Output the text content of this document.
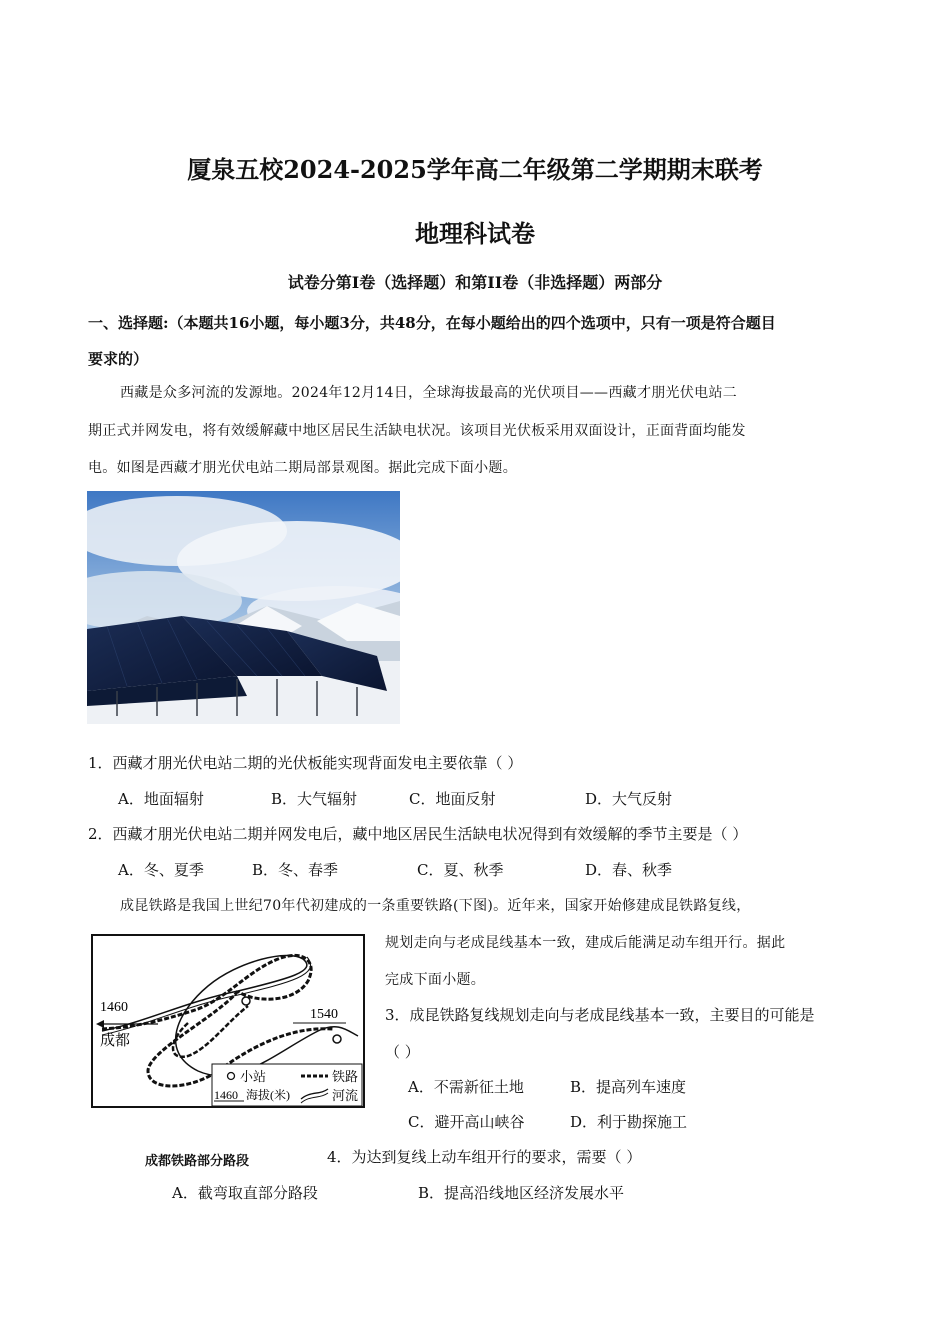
厦泉五校2024-2025学年高二年级第二学期期末联考
地理科试卷
试卷分第Ⅰ卷（选择题）和第II卷（非选择题）两部分
一、选择题:（本题共16小题，每小题3分，共48分，在每小题给出的四个选项中，只有一项是符合题目
要求的）
西藏是众多河流的发源地。2024年12月14日，全球海拔最高的光伏项目——西藏才朋光伏电站二
期正式并网发电，将有效缓解藏中地区居民生活缺电状况。该项目光伏板采用双面设计，正面背面均能发
电。如图是西藏才朋光伏电站二期局部景观图。据此完成下面小题。
1．西藏才朋光伏电站二期的光伏板能实现背面发电主要依靠（ ）
A．地面辐射	B．大气辐射	C．地面反射	D．大气反射
2．西藏才朋光伏电站二期并网发电后，藏中地区居民生活缺电状况得到有效缓解的季节主要是（ ）
A．冬、夏季	B．冬、春季	C．夏、秋季	D．春、秋季
成昆铁路是我国上世纪70年代初建成的一条重要铁路(下图)。近年来，国家开始修建成昆铁路复线，
规划走向与老成昆线基本一致，建成后能满足动车组开行。据此
完成下面小题。
1460	1540
成都
小站	铁路
1460 海拔(米)	河流
成都铁路部分路段
3．成昆铁路复线规划走向与老成昆线基本一致，主要目的可能是
（ ）
A．不需新征土地	B．提高列车速度
C．避开高山峡谷	D．利于勘探施工
4．为达到复线上动车组开行的要求，需要（ ）
A．截弯取直部分路段	B．提高沿线地区经济发展水平
